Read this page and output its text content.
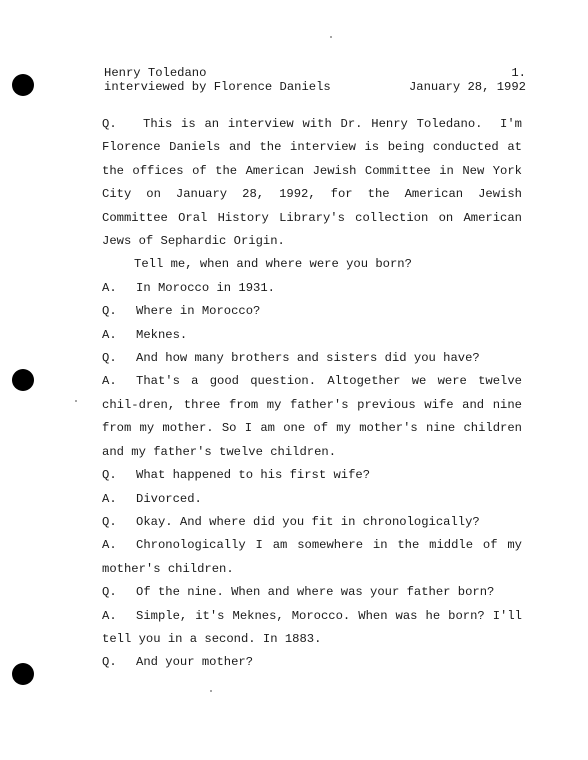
Henry Toledano
interviewed by Florence Daniels
1.
January 28, 1992
Q.   This is an interview with Dr. Henry Toledano.  I'm Florence Daniels and the interview is being conducted at the offices of the American Jewish Committee in New York City on January 28, 1992, for the American Jewish Committee Oral History Library's collection on American Jews of Sephardic Origin.
Tell me, when and where were you born?
A.	In Morocco in 1931.
Q.	Where in Morocco?
A.	Meknes.
Q.	And how many brothers and sisters did you have?
A. That's a good question. Altogether we were twelve chil-dren, three from my father's previous wife and nine from my mother. So I am one of my mother's nine children and my father's twelve children.
Q.	What happened to his first wife?
A.	Divorced.
Q.	Okay. And where did you fit in chronologically?
A. Chronologically I am somewhere in the middle of my mother's children.
Q.	Of the nine. When and where was your father born?
A. Simple, it's Meknes, Morocco. When was he born? I'll tell you in a second. In 1883.
Q.	And your mother?
